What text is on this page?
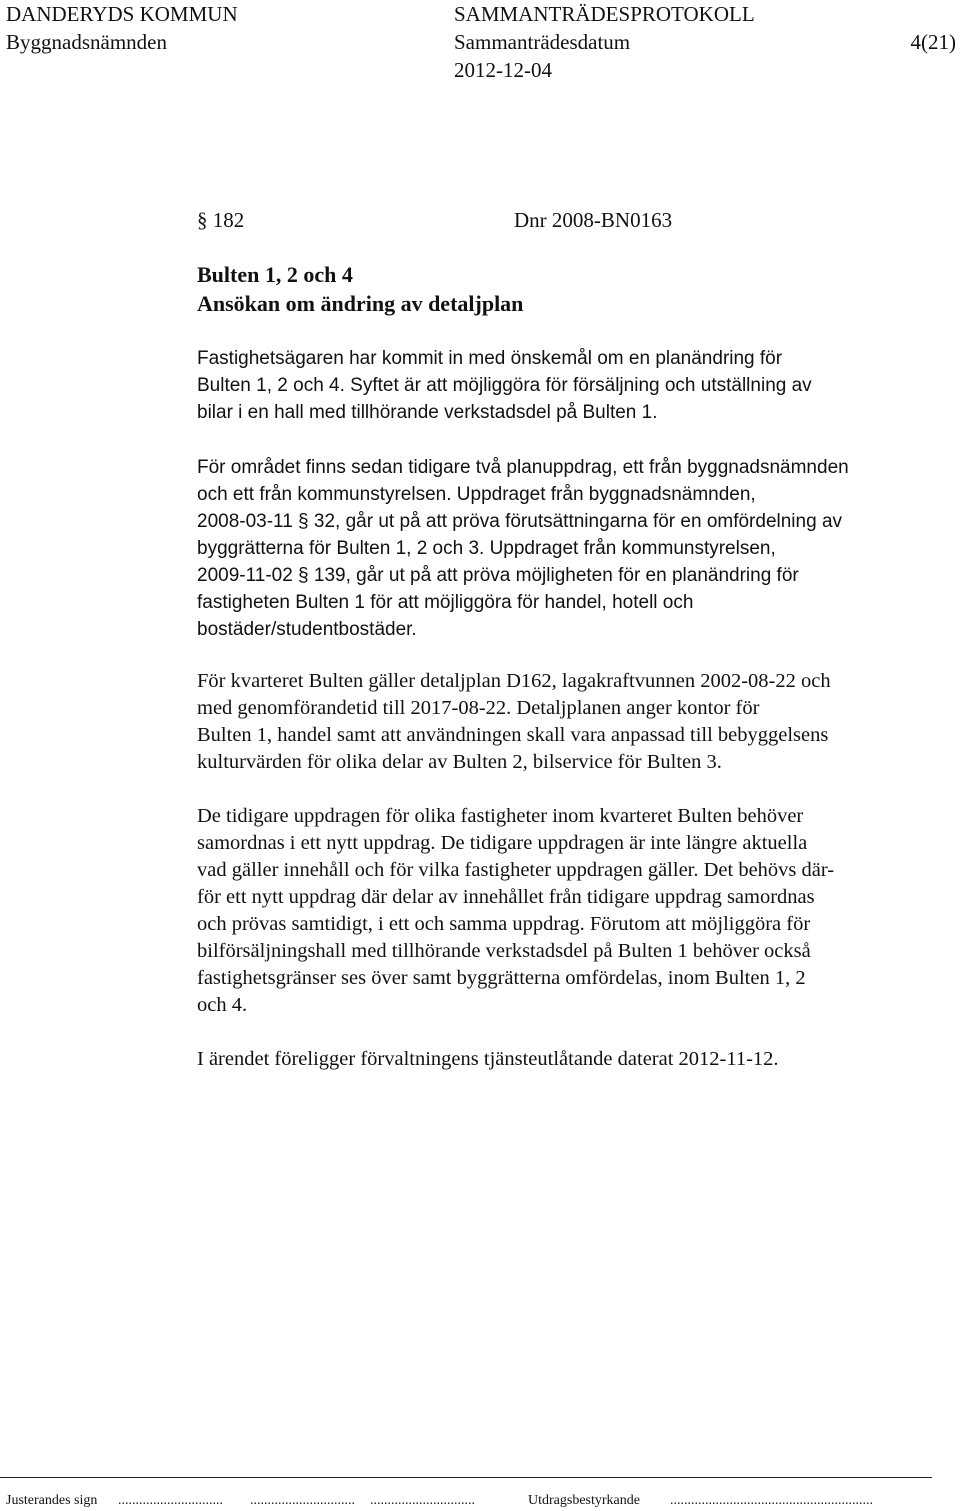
DANDERYDS KOMMUN
Byggnadsnämnden
SAMMANTRÄDESPROTOKOLL
Sammanträdesdatum
2012-12-04
4(21)
§ 182	Dnr 2008-BN0163
Bulten 1, 2 och 4
Ansökan om ändring av detaljplan
Fastighetsägaren har kommit in med önskemål om en planändring för
Bulten 1, 2 och 4. Syftet är att möjliggöra för försäljning och utställning av
bilar i en hall med tillhörande verkstadsdel på Bulten 1.
För området finns sedan tidigare två planuppdrag, ett från byggnadsnämnden
och ett från kommunstyrelsen. Uppdraget från byggnadsnämnden,
2008-03-11 § 32, går ut på att pröva förutsättningarna för en omfördelning av
byggrätterna för Bulten 1, 2 och 3. Uppdraget från kommunstyrelsen,
2009-11-02 § 139, går ut på att pröva möjligheten för en planändring för
fastigheten Bulten 1 för att möjliggöra för handel, hotell och
bostäder/studentbostäder.
För kvarteret Bulten gäller detaljplan D162, lagakraftvunnen 2002-08-22 och
med genomförandetid till 2017-08-22. Detaljplanen anger kontor för
Bulten 1, handel samt att användningen skall vara anpassad till bebyggelsens
kulturvärden för olika delar av Bulten 2, bilservice för Bulten 3.
De tidigare uppdragen för olika fastigheter inom kvarteret Bulten behöver
samordnas i ett nytt uppdrag. De tidigare uppdragen är inte längre aktuella
vad gäller innehåll och för vilka fastigheter uppdragen gäller. Det behövs där-
för ett nytt uppdrag där delar av innehållet från tidigare uppdrag samordnas
och prövas samtidigt, i ett och samma uppdrag. Förutom att möjliggöra för
bilförsäljningshall med tillhörande verkstadsdel på Bulten 1 behöver också
fastighetsgränser ses över samt byggrätterna omfördelas, inom Bulten 1, 2
och 4.
I ärendet föreligger förvaltningens tjänsteutlåtande daterat 2012-11-12.
Justerandes sign .............................. .............................. ..............................	Utdragsbestyrkande ..........................................................
